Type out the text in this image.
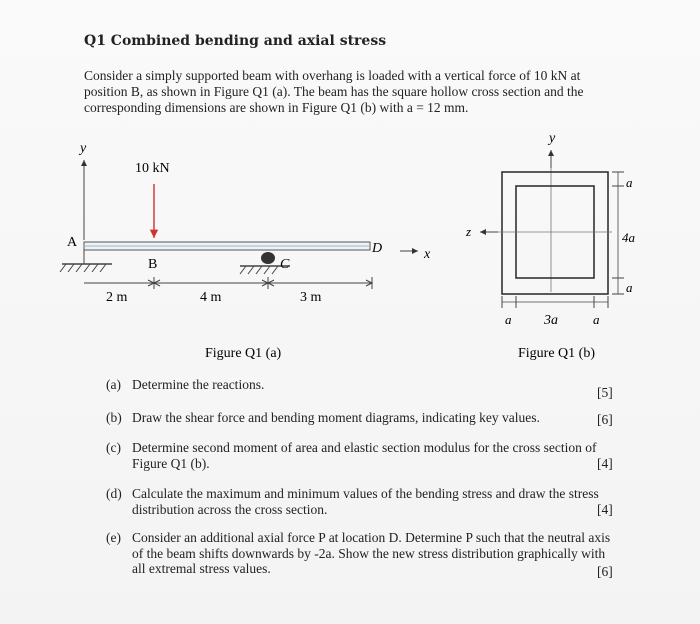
Q1 Combined bending and axial stress
Consider a simply supported beam with overhang is loaded with a vertical force of 10 kN at position B, as shown in Figure Q1 (a). The beam has the square hollow cross section and the corresponding dimensions are shown in Figure Q1 (b) with a = 12 mm.
y
10 kN
A	D	x
B	C
2 m	4 m	3 m
y
z
a
4a
a
a 3a	a
Figure Q1 (a)	Figure Q1 (b)
(a) Determine the reactions.
[5]
(b) Draw the shear force and bending moment diagrams, indicating key values.	[6]
(c) Determine second moment of area and elastic section modulus for the cross section of Figure Q1 (b).	[4]
(d) Calculate the maximum and minimum values of the bending stress and draw the stress distribution across the cross section.	[4]
(e) Consider an additional axial force P at location D. Determine P such that the neutral axis of the beam shifts downwards by -2a. Show the new stress distribution graphically with all extremal stress values.	[6]
